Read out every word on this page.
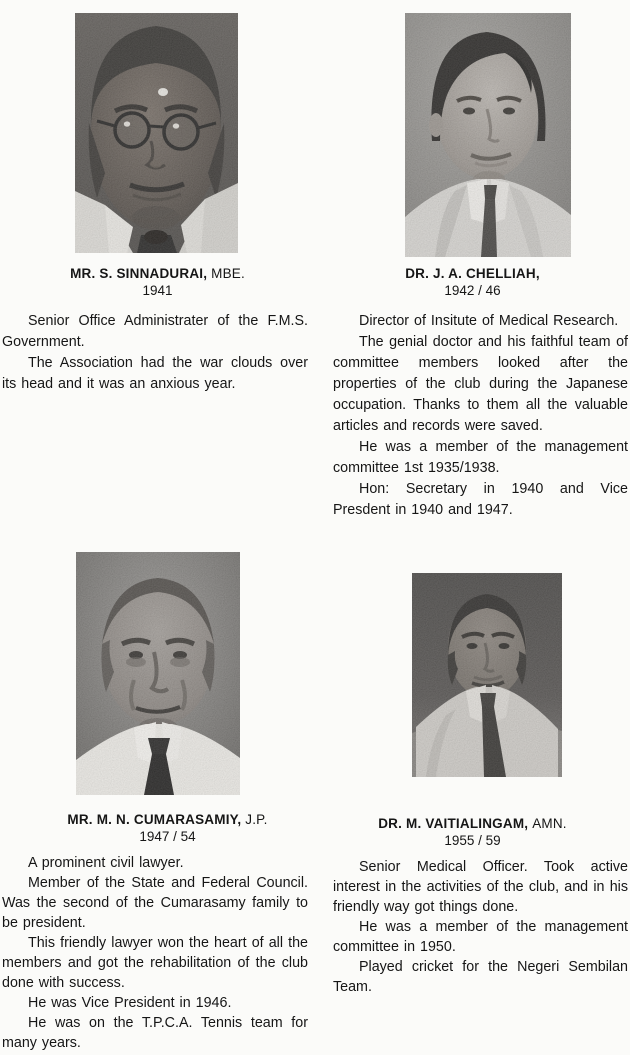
MR. S. SINNADURAI, MBE.
1941

Senior Office Administrater of the F.M.S. Government.

The Association had the war clouds over its head and it was an anxious year.

DR. J. A. CHELLIAH,
1942 / 46

Director of Insitute of Medical Research.

The genial doctor and his faithful team of committee members looked after the properties of the club during the Japanese occupation. Thanks to them all the valuable articles and records were saved.

He was a member of the management committee 1st 1935/1938.

Hon: Secretary in 1940 and Vice Presdent in 1940 and 1947.

MR. M. N. CUMARASAMIY, J.P.
1947 / 54

A prominent civil lawyer.

Member of the State and Federal Council. Was the second of the Cumarasamy family to be president.

This friendly lawyer won the heart of all the members and got the rehabilitation of the club done with success.

He was Vice President in 1946.

He was on the T.P.C.A. Tennis team for many years.

DR. M. VAITIALINGAM, AMN.
1955 / 59

Senior Medical Officer. Took active interest in the activities of the club, and in his friendly way got things done.

He was a member of the management committee in 1950.

Played cricket for the Negeri Sembilan Team.
